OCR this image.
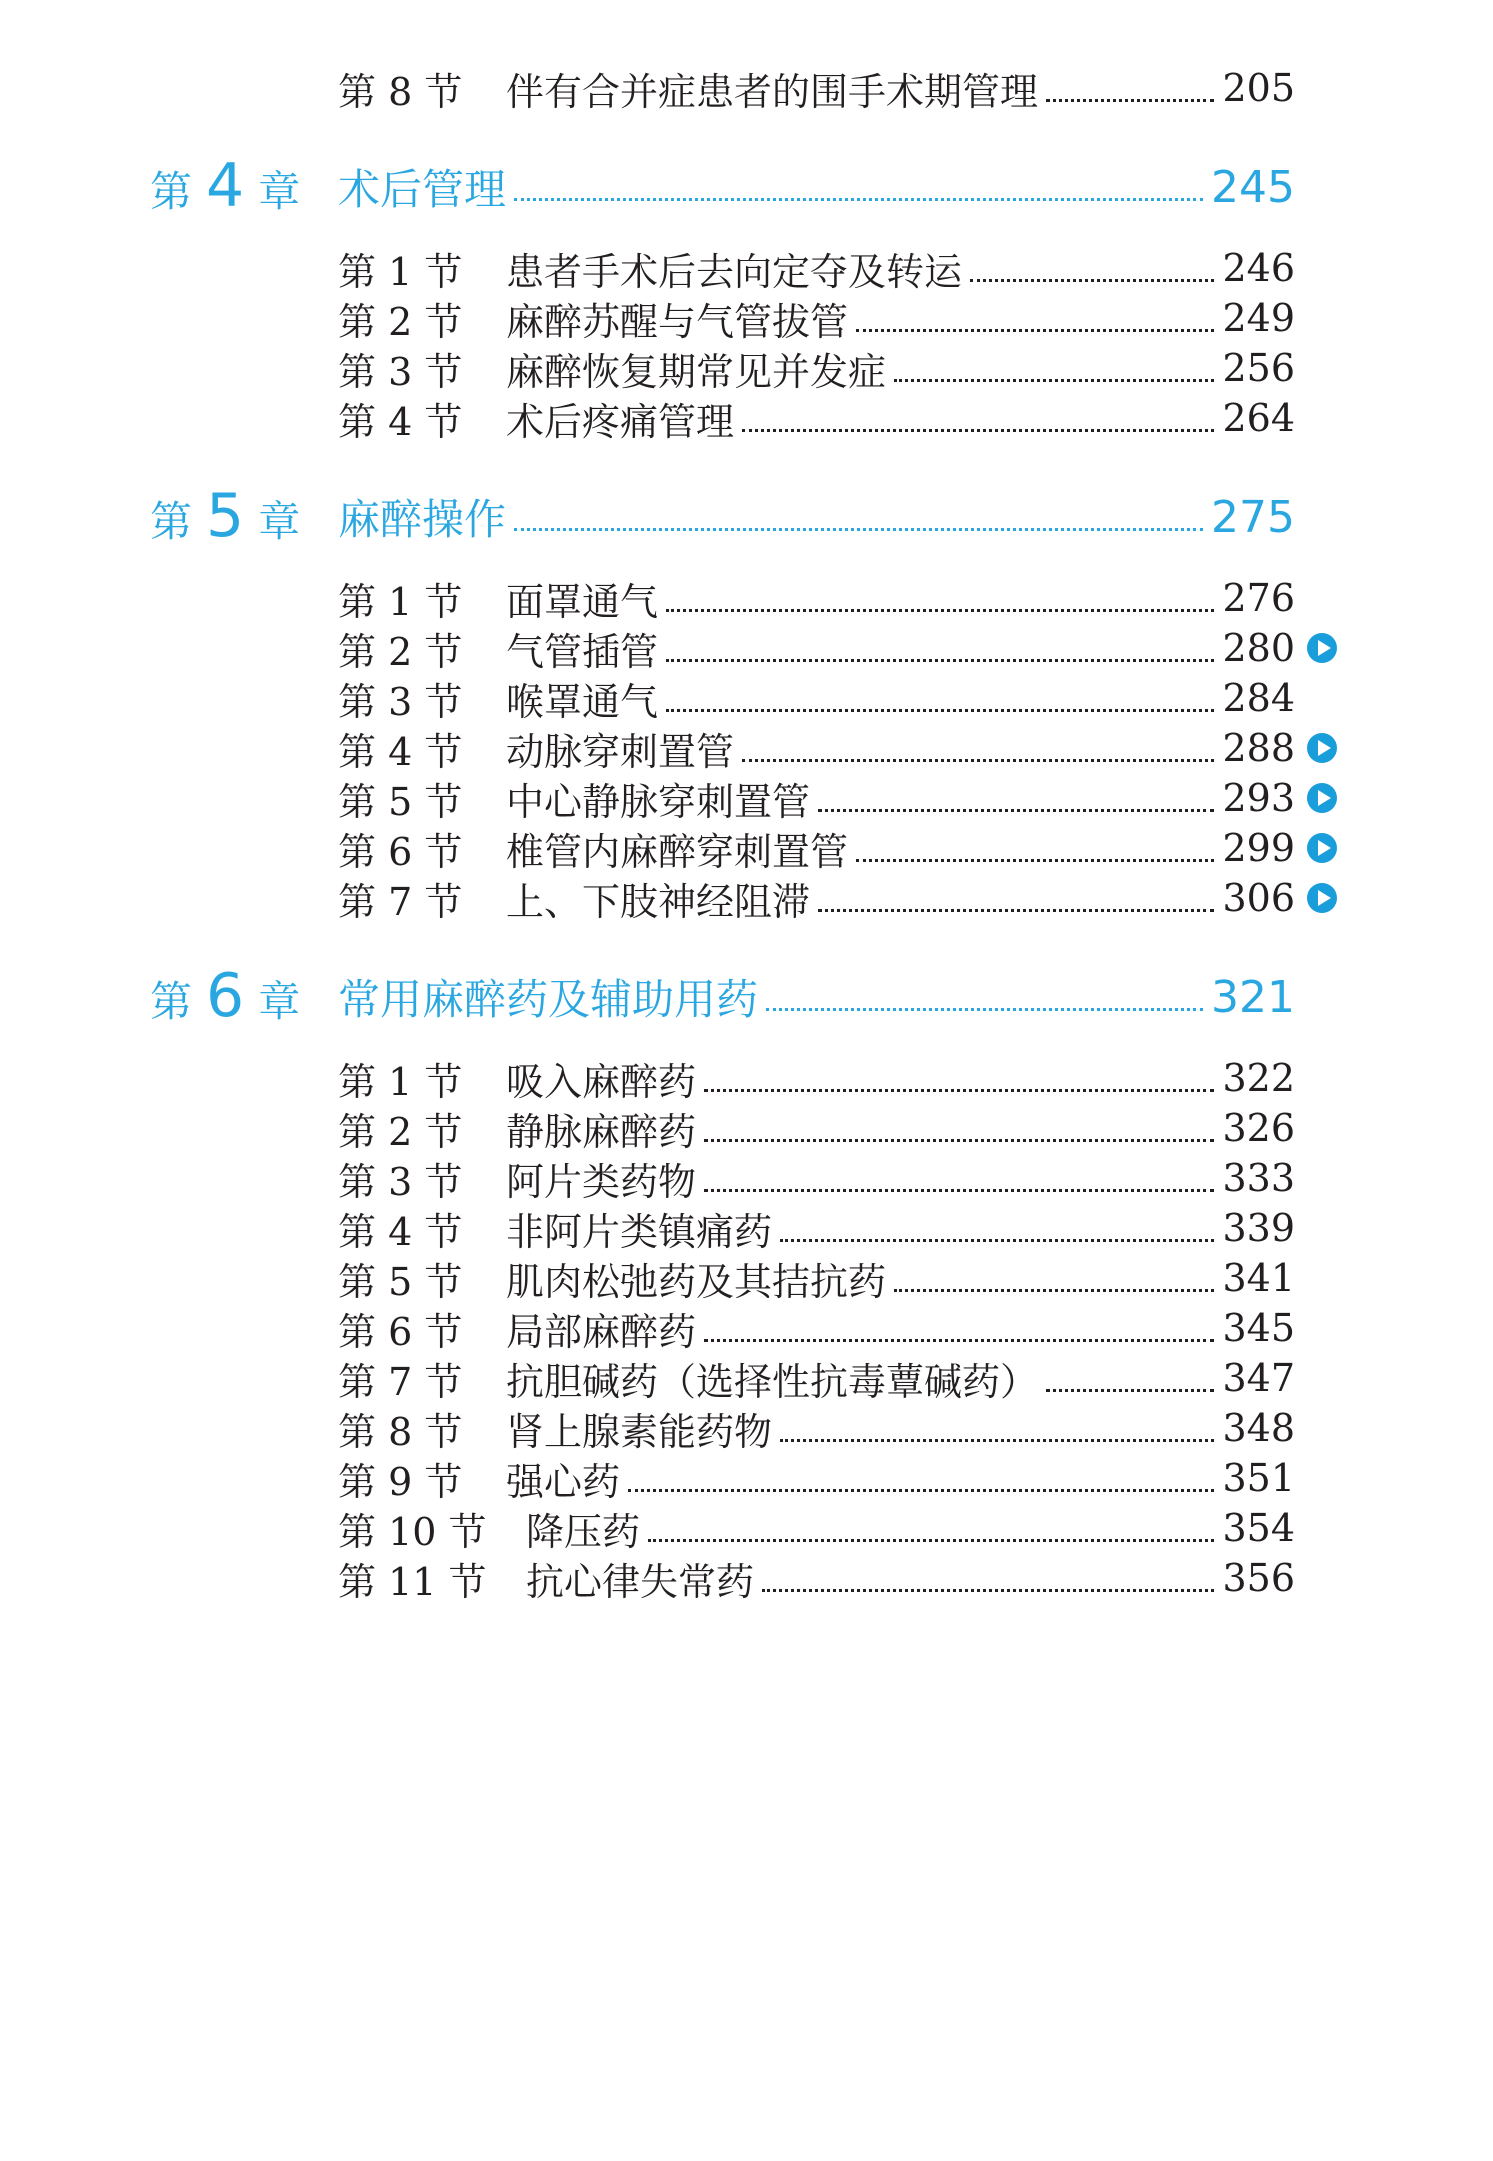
第 8 节	伴有合并症患者的围手术期管理	205
第 4 章 术后管理	245
第 1 节	患者手术后去向定夺及转运	246
第 2 节	麻醉苏醒与气管拔管	249
第 3 节	麻醉恢复期常见并发症	256
第 4 节	术后疼痛管理	264
第 5 章 麻醉操作	275
第 1 节	面罩通气	276
第 2 节	气管插管	280
第 3 节	喉罩通气	284
第 4 节	动脉穿刺置管	288
第 5 节	中心静脉穿刺置管	293
第 6 节	椎管内麻醉穿刺置管	299
第 7 节	上、下肢神经阻滞	306
第 6 章 常用麻醉药及辅助用药	321
第 1 节	吸入麻醉药	322
第 2 节	静脉麻醉药	326
第 3 节	阿片类药物	333
第 4 节	非阿片类镇痛药	339
第 5 节	肌肉松弛药及其拮抗药	341
第 6 节	局部麻醉药	345
第 7 节	抗胆碱药（选择性抗毒蕈碱药）	347
第 8 节	肾上腺素能药物	348
第 9 节	强心药	351
第 10 节	降压药	354
第 11 节	抗心律失常药	356
